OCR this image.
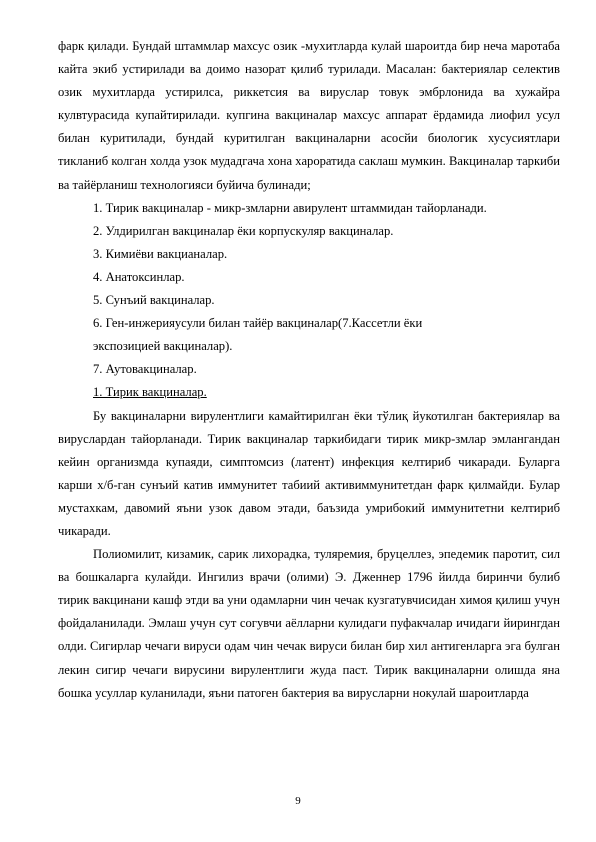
фарк қилади. Бундай штаммлар махсус озик -мухитларда кулай шароитда бир неча маротаба кайта экиб устирилади ва доимо назорат қилиб турилади. Масалан: бактериялар селектив озик мухитларда устирилса, риккетсия ва вируслар товук эмбрлонида ва хужайра кулвтурасида купайтирилади. купгина вакциналар махсус аппарат ёрдамида лиофил усул билан куритилади, бундай куритилган вакциналарни асосйи биологик хусусиятлари тикланиб колган холда узок мудадгача хона хароратида саклаш мумкин. Вакциналар таркиби ва тайёрланиш технологияси буйича булинади;

1. Тирик вакциналар - микр-змларни авирулент штаммидан тайорланади.

2. Улдирилган вакциналар ёки корпускуляр вакциналар.

3. Кимиёви вакцианалар.

4. Анатоксинлар.

5. Сунъий вакциналар.

6. Ген-инжерияусули билан тайёр вакциналар(7.Кассетли ёки

экспозицией вакциналар).

7. Аутовакциналар.

1. Тирик вакциналар.

Бу вакциналарни вирулентлиги камайтирилган ёки тўлиқ йукотилган бактериялар ва вируслардан тайорланади. Тирик вакциналар таркибидаги тирик микр-змлар эмлангандан кейин организмда купаяди, симптомсиз (латент) инфекция келтириб чикаради. Буларга карши х/б-ган сунъий катив иммунитет табиий активиммунитетдан фарк қилмайди. Булар мустахкам, давомий яъни узок давом этади, баъзида умрибокий иммунитетни келтириб чикаради.

Полиомилит, кизамик, сарик лихорадка, туляремия, бруцеллез, эпедемик паротит, сил ва бошкаларга кулайди. Ингилиз врачи (олими) Э. Дженнер 1796 йилда биринчи булиб тирик вакцинани кашф этди ва уни одамларни чин чечак кузгатувчисидан химоя қилиш учун фойдаланилади. Эмлаш учун сут согувчи аёлларни кулидаги пуфакчалар ичидаги йирингдан олди. Сигирлар чечаги вируси одам чин чечак вируси билан бир хил антигенларга эга булган лекин сигир чечаги вирусини вирулентлиги жуда паст. Тирик вакциналарни олишда яна бошка усуллар куланилади, яъни патоген бактерия ва вирусларни нокулай шароитларда

9
